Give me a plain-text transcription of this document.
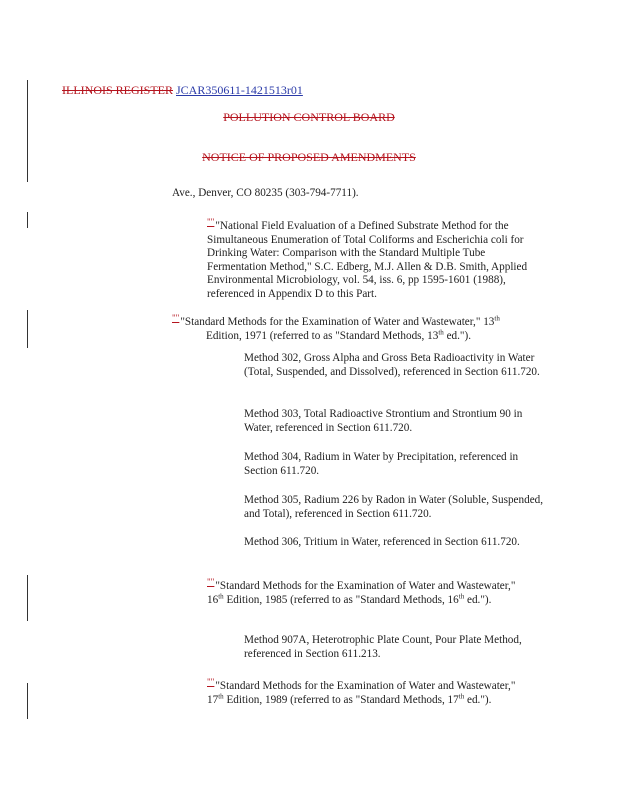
ILLINOIS REGISTER JCAR350611-1421513r01
POLLUTION CONTROL BOARD
NOTICE OF PROPOSED AMENDMENTS
Ave., Denver, CO 80235 (303-794-7711).
"""National Field Evaluation of a Defined Substrate Method for the Simultaneous Enumeration of Total Coliforms and Escherichia coli for Drinking Water: Comparison with the Standard Multiple Tube Fermentation Method," S.C. Edberg, M.J. Allen & D.B. Smith, Applied Environmental Microbiology, vol. 54, iss. 6, pp 1595-1601 (1988), referenced in Appendix D to this Part.

"""Standard Methods for the Examination of Water and Wastewater," 13th

Edition, 1971 (referred to as "Standard Methods, 13th ed.").

Method 302, Gross Alpha and Gross Beta Radioactivity in Water (Total, Suspended, and Dissolved), referenced in Section 611.720.
Method 303, Total Radioactive Strontium and Strontium 90 in Water, referenced in Section 611.720.
Method 304, Radium in Water by Precipitation, referenced in Section 611.720.
Method 305, Radium 226 by Radon in Water (Soluble, Suspended, and Total), referenced in Section 611.720.
Method 306, Tritium in Water, referenced in Section 611.720.
"""Standard Methods for the Examination of Water and Wastewater," 16th Edition, 1985 (referred to as "Standard Methods, 16th ed.").
Method 907A, Heterotrophic Plate Count, Pour Plate Method, referenced in Section 611.213.
"""Standard Methods for the Examination of Water and Wastewater," 17th Edition, 1989 (referred to as "Standard Methods, 17th ed.").
